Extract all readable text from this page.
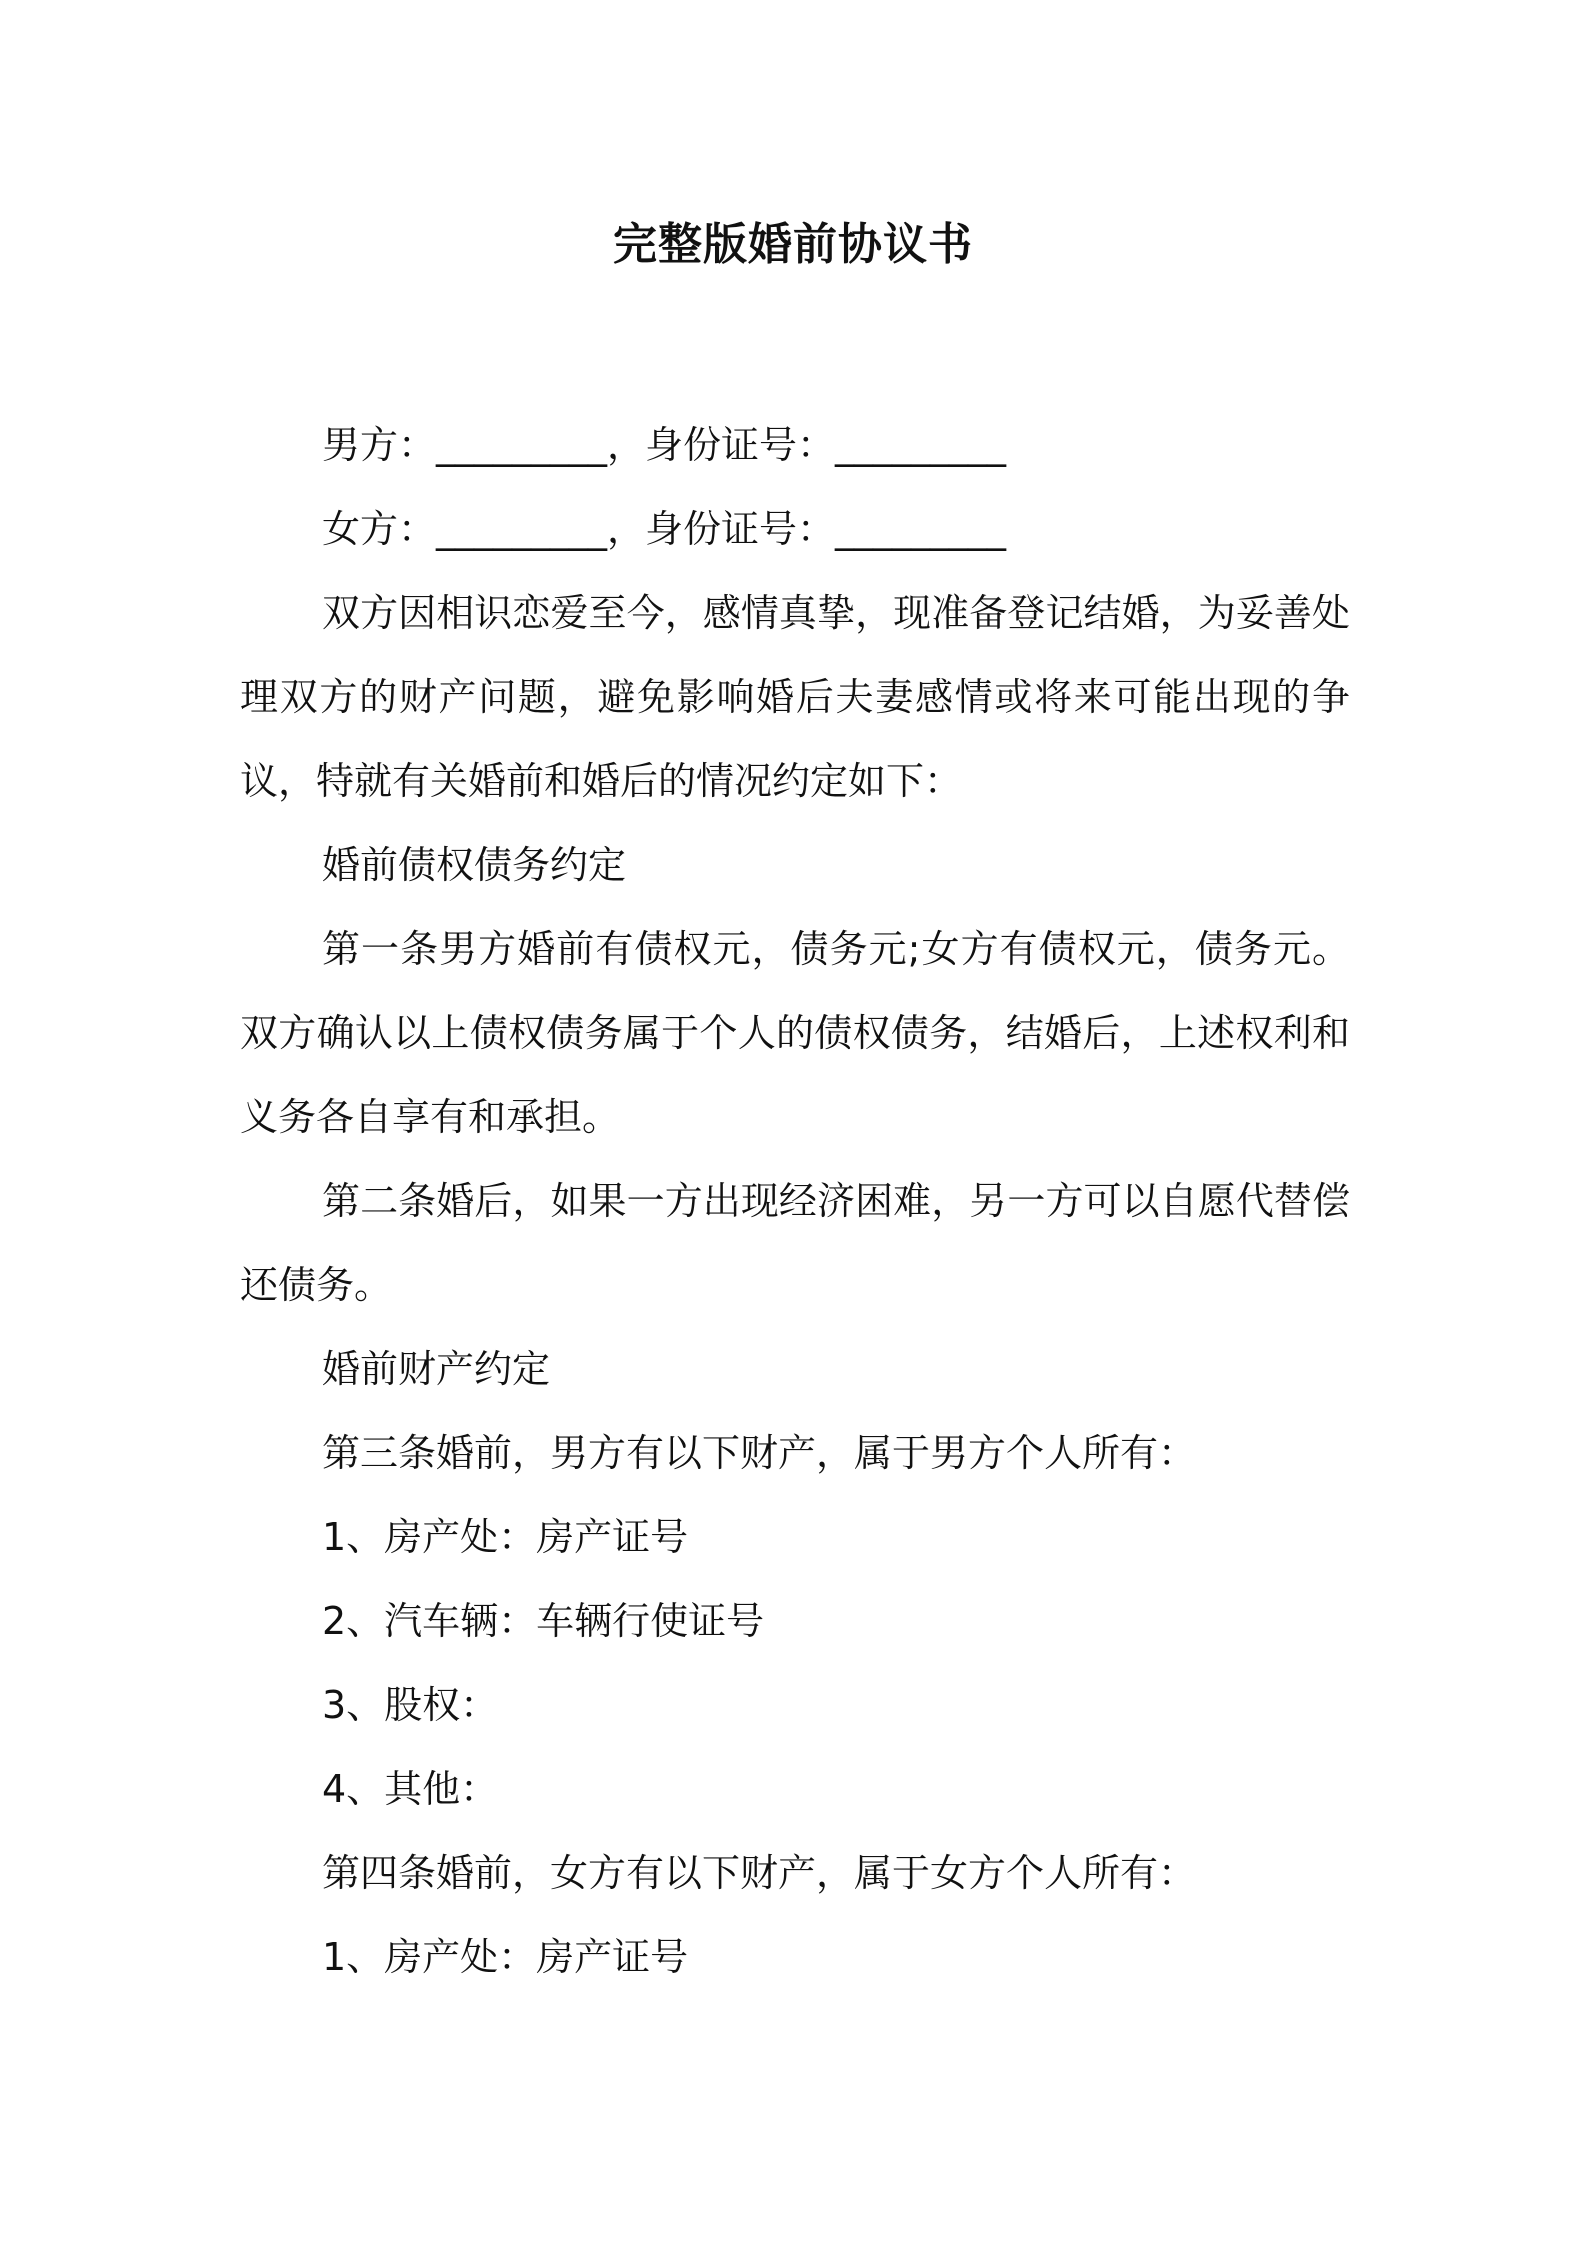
完整版婚前协议书

男方：_________，身份证号：_________

女方：_________，身份证号：_________

双方因相识恋爱至今，感情真挚，现准备登记结婚，为妥善处理双方的财产问题，避免影响婚后夫妻感情或将来可能出现的争议，特就有关婚前和婚后的情况约定如下：

婚前债权债务约定

第一条男方婚前有债权元，债务元;女方有债权元，债务元。双方确认以上债权债务属于个人的债权债务，结婚后，上述权利和义务各自享有和承担。

第二条婚后，如果一方出现经济困难，另一方可以自愿代替偿还债务。

婚前财产约定

第三条婚前，男方有以下财产，属于男方个人所有：

1、房产处：房产证号

2、汽车辆：车辆行使证号

3、股权：

4、其他：

第四条婚前，女方有以下财产，属于女方个人所有：

1、房产处：房产证号
